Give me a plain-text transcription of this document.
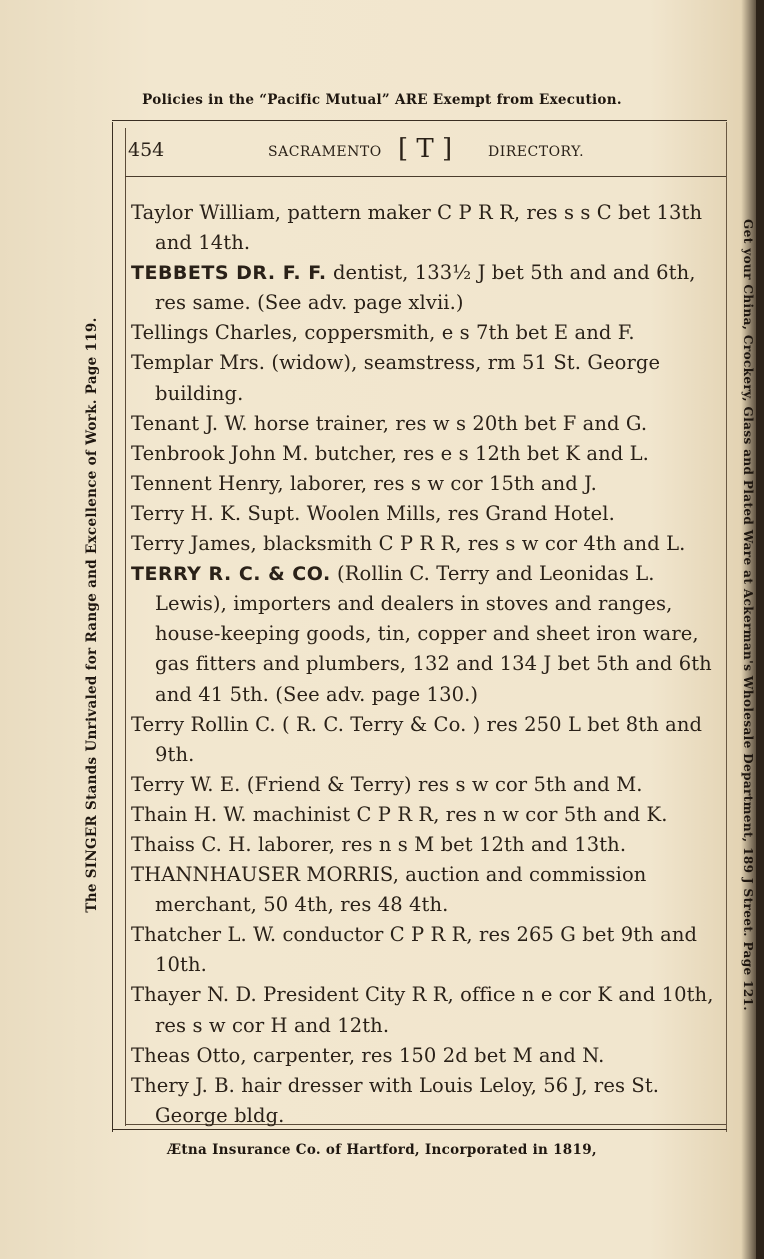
Policies in the “Pacific Mutual” ARE Exempt from Execution.
The SINGER Stands Unrivaled for Range and Excellence of Work. Page 119.	Get your China, Crockery, Glass and Plated Ware at Ackerman's Wholesale Department, 189 J Street. Page 121.
454	SACRAMENTO [ T ]	DIRECTORY.

Taylor William, pattern maker C P R R, res s s C bet 13th and 14th.

TEBBETS DR. F. F. dentist, 133½ J bet 5th and and 6th, res same. (See adv. page xlvii.)

Tellings Charles, coppersmith, e s 7th bet E and F.

Templar Mrs. (widow), seamstress, rm 51 St. George building.

Tenant J. W. horse trainer, res w s 20th bet F and G.

Tenbrook John M. butcher, res e s 12th bet K and L.

Tennent Henry, laborer, res s w cor 15th and J.

Terry H. K. Supt. Woolen Mills, res Grand Hotel.

Terry James, blacksmith C P R R, res s w cor 4th and L.

TERRY R. C. & CO. (Rollin C. Terry and Leonidas L. Lewis), importers and dealers in stoves and ranges, house-keeping goods, tin, copper and sheet iron ware, gas fitters and plumbers, 132 and 134 J bet 5th and 6th and 41 5th. (See adv. page 130.)

Terry Rollin C. ( R. C. Terry & Co. ) res 250 L bet 8th and 9th.

Terry W. E. (Friend & Terry) res s w cor 5th and M.

Thain H. W. machinist C P R R, res n w cor 5th and K.

Thaiss C. H. laborer, res n s M bet 12th and 13th.

THANNHAUSER MORRIS, auction and commission merchant, 50 4th, res 48 4th.

Thatcher L. W. conductor C P R R, res 265 G bet 9th and 10th.

Thayer N. D. President City R R, office n e cor K and 10th, res s w cor H and 12th.

Theas Otto, carpenter, res 150 2d bet M and N.

Thery J. B. hair dresser with Louis Leloy, 56 J, res St. George bldg.

Ætna Insurance Co. of Hartford, Incorporated in 1819,
